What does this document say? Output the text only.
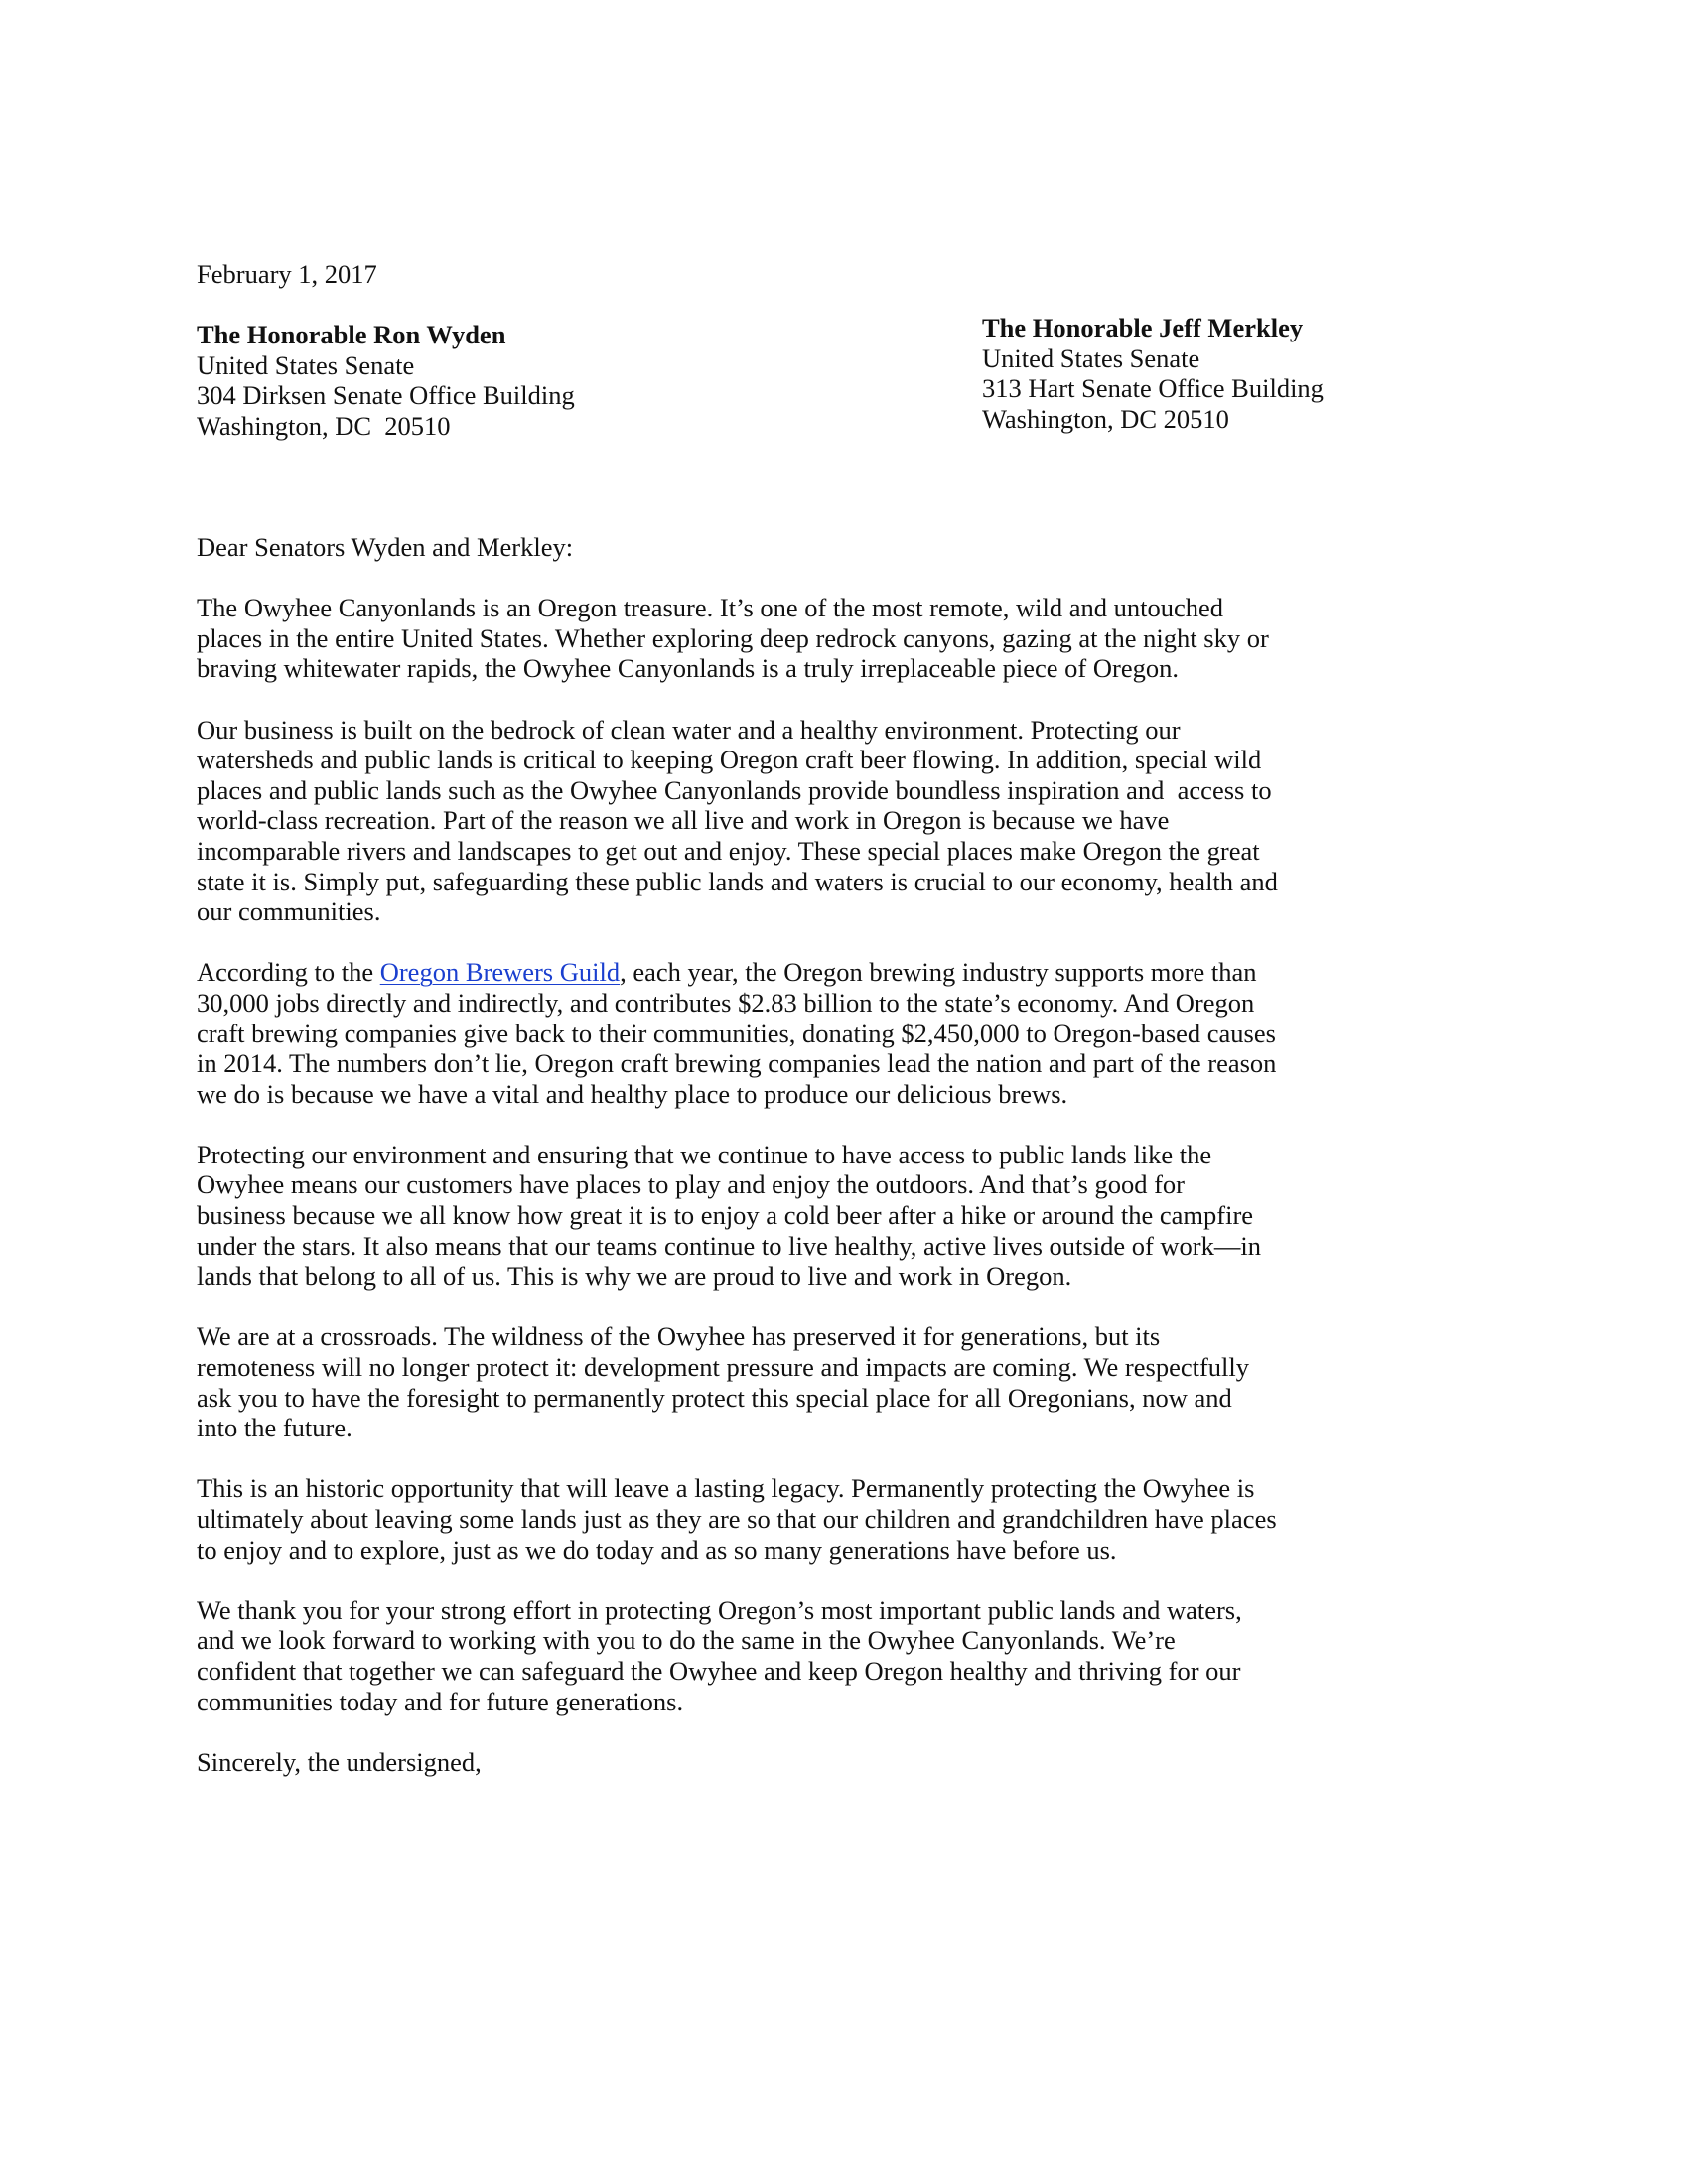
February 1, 2017
The Honorable Ron Wyden
United States Senate
304 Dirksen Senate Office Building
Washington, DC  20510
The Honorable Jeff Merkley
United States Senate
313 Hart Senate Office Building
Washington, DC 20510
Dear Senators Wyden and Merkley:
The Owyhee Canyonlands is an Oregon treasure. It’s one of the most remote, wild and untouched
places in the entire United States. Whether exploring deep redrock canyons, gazing at the night sky or
braving whitewater rapids, the Owyhee Canyonlands is a truly irreplaceable piece of Oregon.
Our business is built on the bedrock of clean water and a healthy environment. Protecting our
watersheds and public lands is critical to keeping Oregon craft beer flowing. In addition, special wild
places and public lands such as the Owyhee Canyonlands provide boundless inspiration and  access to
world-class recreation. Part of the reason we all live and work in Oregon is because we have
incomparable rivers and landscapes to get out and enjoy. These special places make Oregon the great
state it is. Simply put, safeguarding these public lands and waters is crucial to our economy, health and
our communities.
According to the Oregon Brewers Guild, each year, the Oregon brewing industry supports more than
30,000 jobs directly and indirectly, and contributes $2.83 billion to the state’s economy. And Oregon
craft brewing companies give back to their communities, donating $2,450,000 to Oregon-based causes
in 2014. The numbers don’t lie, Oregon craft brewing companies lead the nation and part of the reason
we do is because we have a vital and healthy place to produce our delicious brews.
Protecting our environment and ensuring that we continue to have access to public lands like the
Owyhee means our customers have places to play and enjoy the outdoors. And that’s good for
business because we all know how great it is to enjoy a cold beer after a hike or around the campfire
under the stars. It also means that our teams continue to live healthy, active lives outside of work—in
lands that belong to all of us. This is why we are proud to live and work in Oregon.
We are at a crossroads. The wildness of the Owyhee has preserved it for generations, but its
remoteness will no longer protect it: development pressure and impacts are coming. We respectfully
ask you to have the foresight to permanently protect this special place for all Oregonians, now and
into the future.
This is an historic opportunity that will leave a lasting legacy. Permanently protecting the Owyhee is
ultimately about leaving some lands just as they are so that our children and grandchildren have places
to enjoy and to explore, just as we do today and as so many generations have before us.
We thank you for your strong effort in protecting Oregon’s most important public lands and waters,
and we look forward to working with you to do the same in the Owyhee Canyonlands. We’re
confident that together we can safeguard the Owyhee and keep Oregon healthy and thriving for our
communities today and for future generations.
Sincerely, the undersigned,
